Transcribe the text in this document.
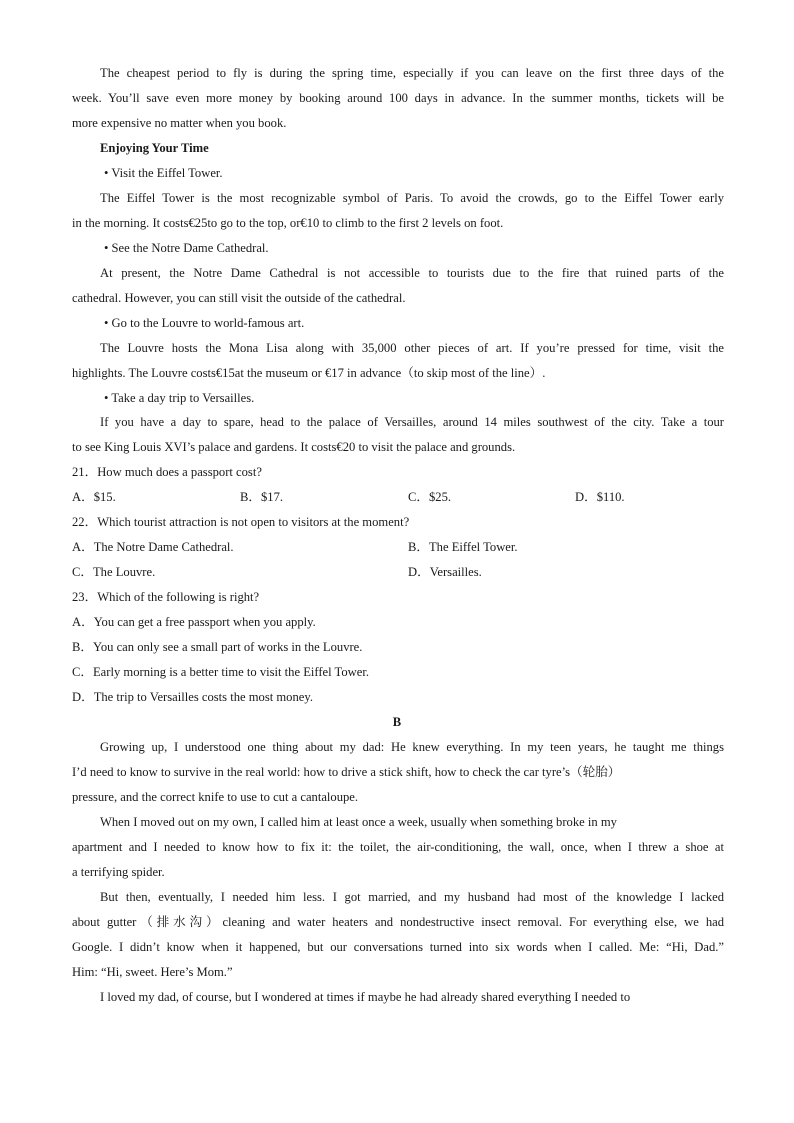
The cheapest period to fly is during the spring time, especially if you can leave on the first three days of the
week. You’ll save even more money by booking around 100 days in advance. In the summer months, tickets will be
more expensive no matter when you book.
Enjoying Your Time
• Visit the Eiffel Tower.
The Eiffel Tower is the most recognizable symbol of Paris. To avoid the crowds, go to the Eiffel Tower early
in the morning. It costs€25to go to the top, or€10 to climb to the first 2 levels on foot.
• See the Notre Dame Cathedral.
At present, the Notre Dame Cathedral is not accessible to tourists due to the fire that ruined parts of the
cathedral. However, you can still visit the outside of the cathedral.
• Go to the Louvre to world-famous art.
The Louvre hosts the Mona Lisa along with 35,000 other pieces of art. If you’re pressed for time, visit the
highlights. The Louvre costs€15at the museum or €17 in advance（to skip most of the line）.
• Take a day trip to Versailles.
If you have a day to spare, head to the palace of Versailles, around 14 miles southwest of the city. Take a tour
to see King Louis XVI’s palace and gardens. It costs€20 to visit the palace and grounds.
21．How much does a passport cost?
A．$15.	B．$17.	C．$25.	D．$110.
22．Which tourist attraction is not open to visitors at the moment?
A．The Notre Dame Cathedral.	B．The Eiffel Tower.
C．The Louvre.	D．Versailles.
23．Which of the following is right?
A．You can get a free passport when you apply.
B．You can only see a small part of works in the Louvre.
C．Early morning is a better time to visit the Eiffel Tower.
D．The trip to Versailles costs the most money.
B
Growing up, I understood one thing about my dad: He knew everything. In my teen years, he taught me things
I’d need to know to survive in the real world: how to drive a stick shift, how to check the car tyre’s（轮胎）
pressure, and the correct knife to use to cut a cantaloupe.
When I moved out on my own, I called him at least once a week, usually when something broke in my
apartment and I needed to know how to fix it: the toilet, the air-conditioning, the wall, once, when I threw a shoe at
a terrifying spider.
But then, eventually, I needed him less. I got married, and my husband had most of the knowledge I lacked
about gutter（排水沟）cleaning and water heaters and nondestructive insect removal. For everything else, we had
Google. I didn’t know when it happened, but our conversations turned into six words when I called. Me: “Hi, Dad.”
Him: “Hi, sweet. Here’s Mom.”
I loved my dad, of course, but I wondered at times if maybe he had already shared everything I needed to
